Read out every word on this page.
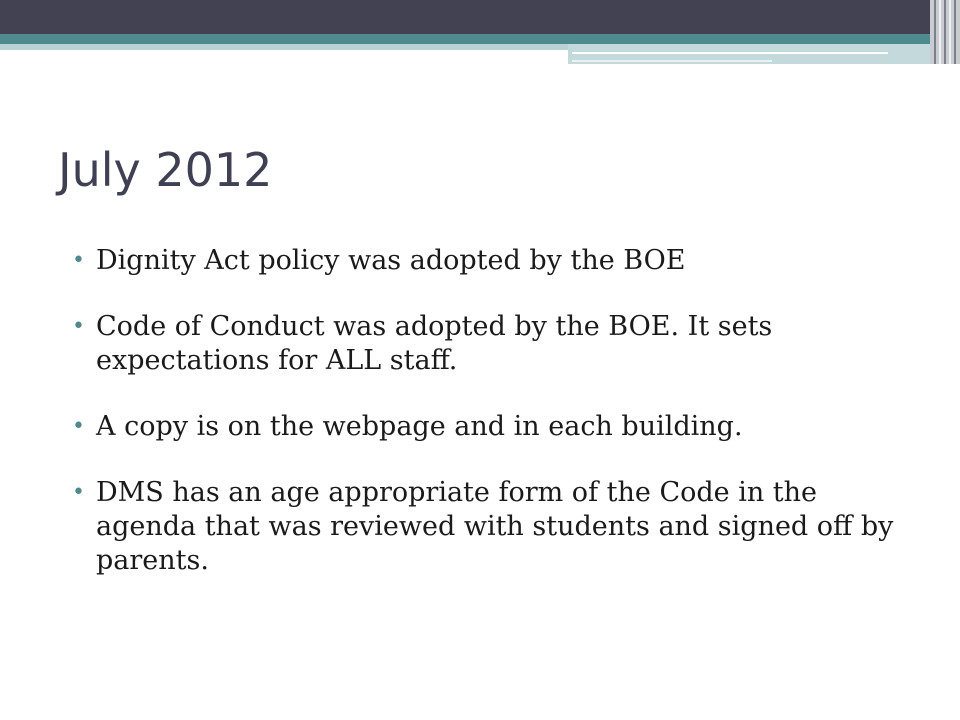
July 2012
• Dignity Act policy was adopted by the BOE
• Code of Conduct was adopted by the BOE. It sets expectations for ALL staff.
• A copy is on the webpage and in each building.
• DMS has an age appropriate form of the Code in the agenda that was reviewed with students and signed off by parents.
